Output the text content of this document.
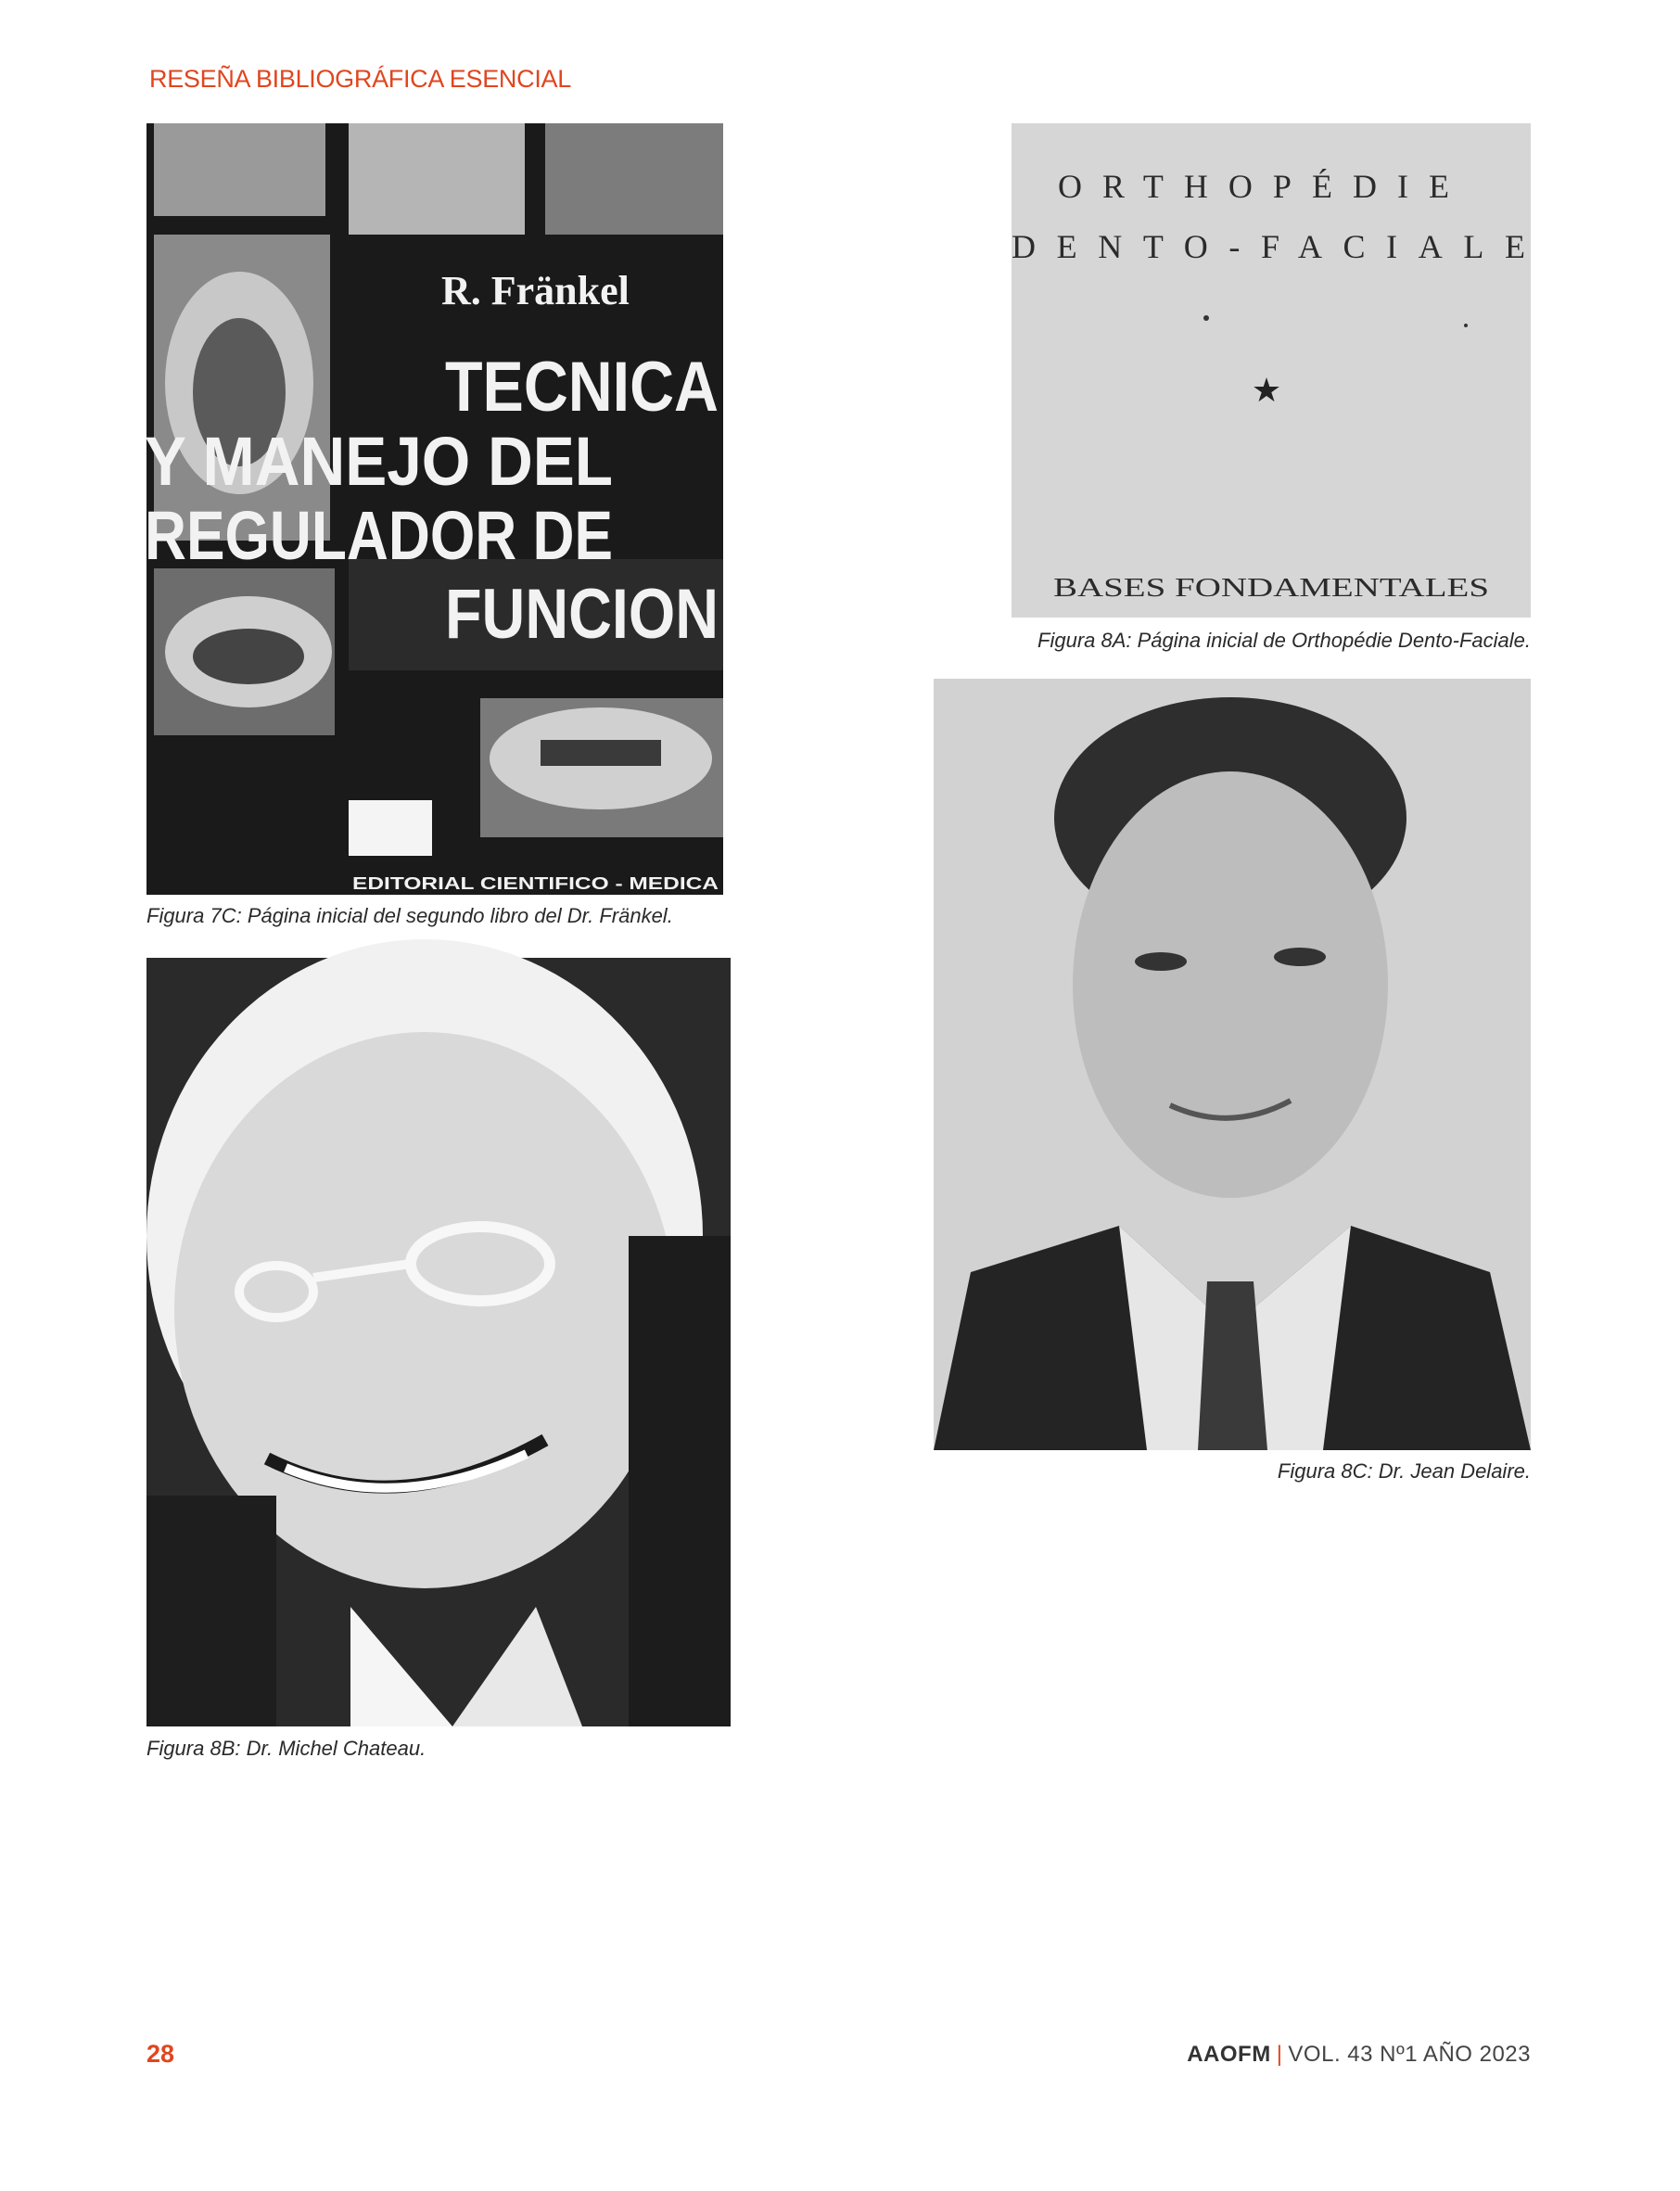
RESEÑA BIBLIOGRÁFICA ESENCIAL
R. Fränkel
TECNICA
Y MANEJO DEL
REGULADOR DE
FUNCION
EDITORIAL CIENTIFICO - MEDICA
Figura 7C: Página inicial del segundo libro del Dr. Fränkel.
Figura 8B: Dr. Michel Chateau.
ORTHOPÉDIE
DENTO-FACIALE
★
BASES FONDAMENTALES
Figura 8A: Página inicial de Orthopédie Dento-Faciale.
Figura 8C: Dr. Jean Delaire.
28	AAOFM | VOL. 43 Nº1 AÑO 2023
